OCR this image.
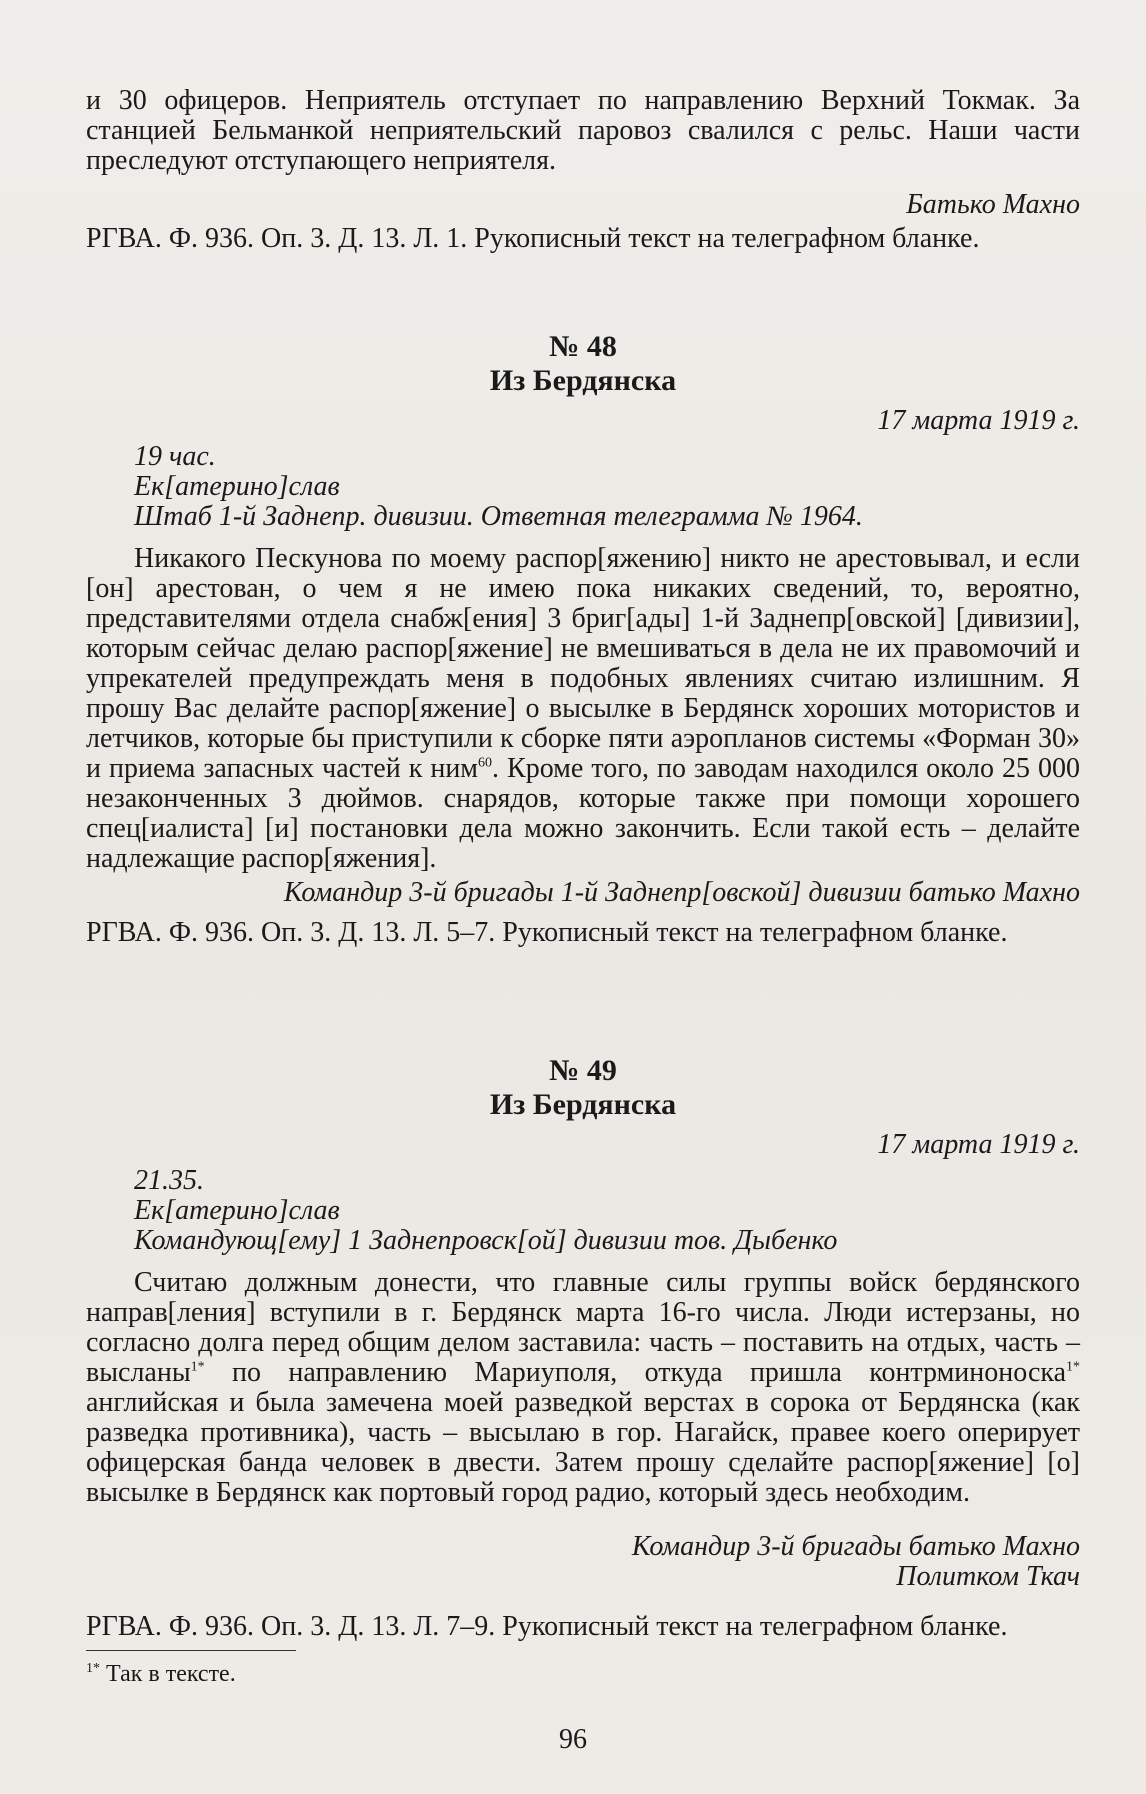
и 30 офицеров. Неприятель отступает по направлению Верхний Токмак. За станцией Бельманкой неприятельский паровоз свалился с рельс. Наши части преследуют отступающего неприятеля.

Батько Махно

РГВА. Ф. 936. Оп. 3. Д. 13. Л. 1. Рукописный текст на телеграфном бланке.

№ 48

Из Бердянска

17 марта 1919 г.

19 час.

Ек[атерино]слав

Штаб 1-й Заднепр. дивизии. Ответная телеграмма № 1964.

Никакого Пескунова по моему распор[яжению] никто не арестовывал, и если [он] арестован, о чем я не имею пока никаких сведений, то, вероятно, представителями отдела снабж[ения] 3 бриг[ады] 1-й Заднепр[овской] [дивизии], которым сейчас делаю распор[яжение] не вмешиваться в дела не их правомочий и упрекателей предупреждать меня в подобных явлениях считаю излишним. Я прошу Вас делайте распор[яжение] о высылке в Бердянск хороших мотористов и летчиков, которые бы приступили к сборке пяти аэропланов системы «Форман 30» и приема запасных частей к ним$^{60}$. Кроме того, по заводам находился около 25 000 незаконченных 3 дюймов. снарядов, которые также при помощи хорошего спец[иалиста] [и] постановки дела можно закончить. Если такой есть – делайте надлежащие распор[яжения].

Командир 3-й бригады 1-й Заднепр[овской] дивизии батько Махно

РГВА. Ф. 936. Оп. 3. Д. 13. Л. 5–7. Рукописный текст на телеграфном бланке.

№ 49

Из Бердянска

17 марта 1919 г.

21.35.

Ек[атерино]слав

Командующ[ему] 1 Заднепровск[ой] дивизии тов. Дыбенко

Считаю должным донести, что главные силы группы войск бердянского направ[ления] вступили в г. Бердянск марта 16-го числа. Люди истерзаны, но согласно долга перед общим делом заставила: часть – поставить на отдых, часть – высланы$^{1*}$ по направлению Мариуполя, откуда пришла контрминоноска$^{1*}$ английская и была замечена моей разведкой верстах в сорока от Бердянска (как разведка противника), часть – высылаю в гор. Нагайск, правее коего оперирует офицерская банда человек в двести. Затем прошу сделайте распор[яжение] [о] высылке в Бердянск как портовый город радио, который здесь необходим.

Командир 3-й бригады батько Махно

Политком Ткач

РГВА. Ф. 936. Оп. 3. Д. 13. Л. 7–9. Рукописный текст на телеграфном бланке.

$^{1*}$ Так в тексте.

96
